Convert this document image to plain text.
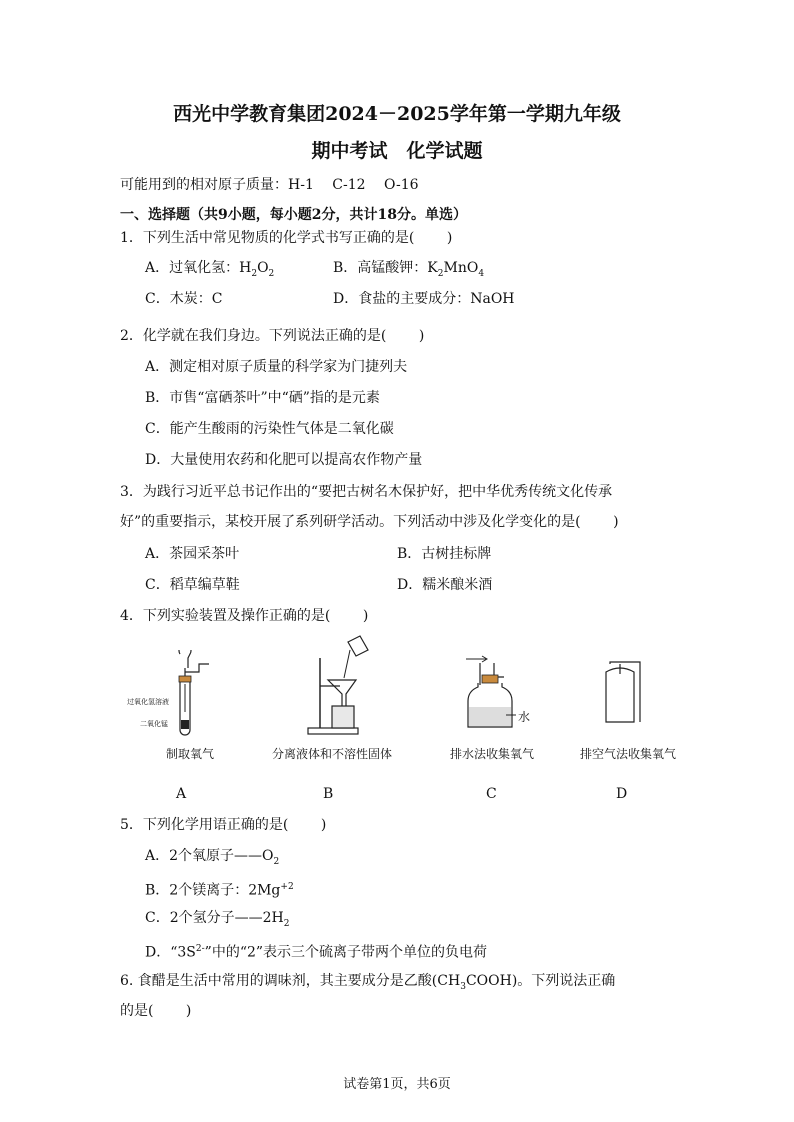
西光中学教育集团2024－2025学年第一学期九年级
期中考试　化学试题
可能用到的相对原子质量：H-1　 C-12　 O-16
一、选择题（共9小题，每小题2分，共计18分。单选）
1．下列生活中常见物质的化学式书写正确的是(　　 )
A．过氧化氢：$H_2O_2$	B．高锰酸钾：$K_2MnO_4$
C．木炭：C	D．食盐的主要成分：NaOH
2．化学就在我们身边。下列说法正确的是(　　 )
A．测定相对原子质量的科学家为门捷列夫
B．市售“富硒茶叶”中“硒”指的是元素
C．能产生酸雨的污染性气体是二氧化碳
D．大量使用农药和化肥可以提高农作物产量
3．为践行习近平总书记作出的“要把古树名木保护好，把中华优秀传统文化传承
好”的重要指示，某校开展了系列研学活动。下列活动中涉及化学变化的是(　　 )
A．茶园采茶叶	B．古树挂标牌
C．稻草编草鞋	D．糯米酿米酒
4．下列实验装置及操作正确的是(　　 )
过氧化氢溶液
二氧化锰	水
制取氧气	分离液体和不溶性固体	排水法收集氧气	排空气法收集氧气
A	B	C	D
5．下列化学用语正确的是(　　 )
A．2个氧原子$——O_2$
B．2个镁离子：$2Mg^{+2}$
C．2个氢分子$——2H_2$
D．“$3S^{2-}$”中的“2”表示三个硫离子带两个单位的负电荷
6. 食醋是生活中常用的调味剂，其主要成分是乙酸$(CH_3COOH)$。下列说法正确
的是(　　 )
试卷第1页，共6页
